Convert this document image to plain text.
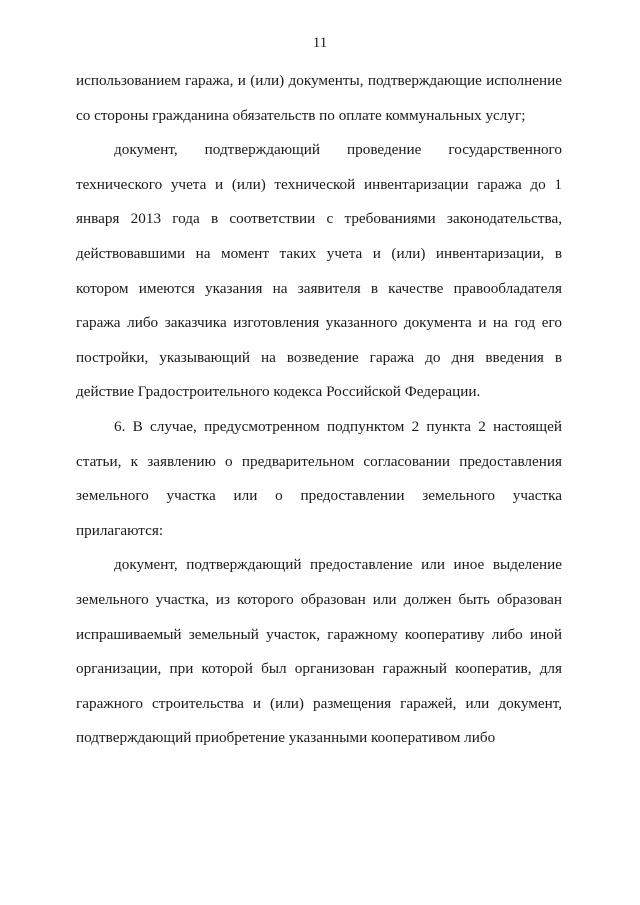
11

использованием гаража, и (или) документы, подтверждающие исполнение со стороны гражданина обязательств по оплате коммунальных услуг;

документ, подтверждающий проведение государственного технического учета и (или) технической инвентаризации гаража до 1 января 2013 года в соответствии с требованиями законодательства, действовавшими на момент таких учета и (или) инвентаризации, в котором имеются указания на заявителя в качестве правообладателя гаража либо заказчика изготовления указанного документа и на год его постройки, указывающий на возведение гаража до дня введения в действие Градостроительного кодекса Российской Федерации.

6. В случае, предусмотренном подпунктом 2 пункта 2 настоящей статьи, к заявлению о предварительном согласовании предоставления земельного участка или о предоставлении земельного участка прилагаются:

документ, подтверждающий предоставление или иное выделение земельного участка, из которого образован или должен быть образован испрашиваемый земельный участок, гаражному кооперативу либо иной организации, при которой был организован гаражный кооператив, для гаражного строительства и (или) размещения гаражей, или документ, подтверждающий приобретение указанными кооперативом либо
